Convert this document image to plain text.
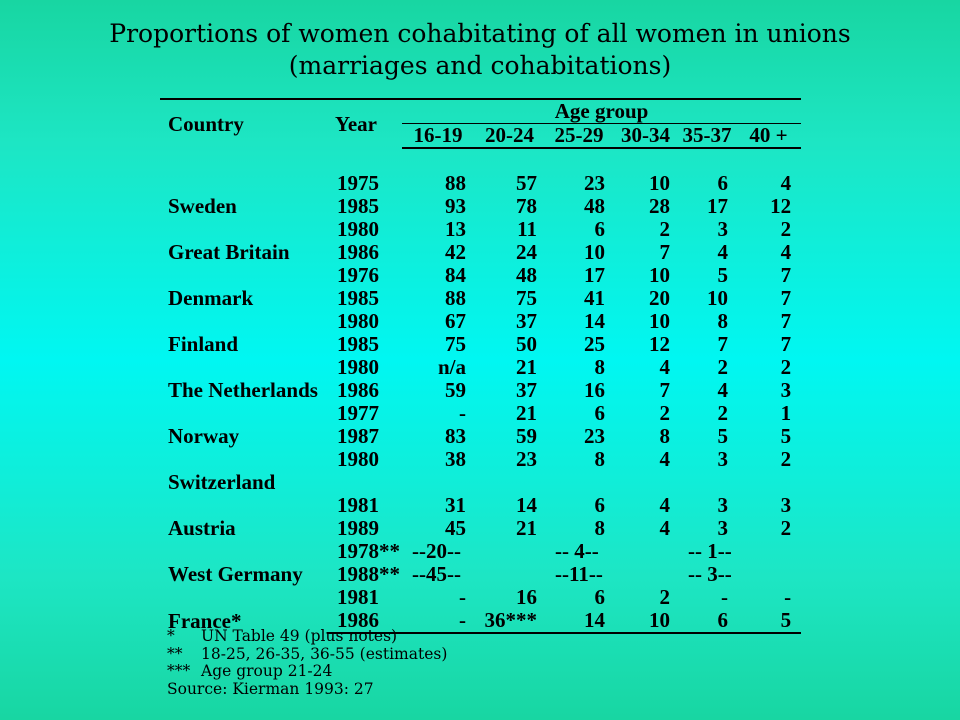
Proportions of women cohabitating of all women in unions
(marriages and cohabitations)
Country	Year	Age group					
		16-19	20-24	25-29	30-34	35-37	40 +

Sweden	1975	88	57	23	10	6	4
	1985	93	78	48	28	17	12
Great Britain	1980	13	11	6	2	3	2
	1986	42	24	10	7	4	4
Denmark	1976	84	48	17	10	5	7
	1985	88	75	41	20	10	7
Finland	1980	67	37	14	10	8	7
	1985	75	50	25	12	7	7
The Netherlands	1980	n/a	21	8	4	2	2
	1986	59	37	16	7	4	3
Norway	1977	-	21	6	2	2	1
	1987	83	59	23	8	5	5
Switzerland	1980	38	23	8	4	3	2

Austria	1981	31	14	6	4	3	3
	1989	45	21	8	4	3	2
West Germany	1978**	--20--		-- 4--		-- 1--	
	1988**	--45--		--11--		-- 3--	
France*	1981	-	16	6	2	-	-
	1986	-	36***	14	10	6	5
* UN Table 49 (plus notes)
** 18-25, 26-35, 36-55 (estimates)
*** Age group 21-24
Source: Kierman 1993: 27
